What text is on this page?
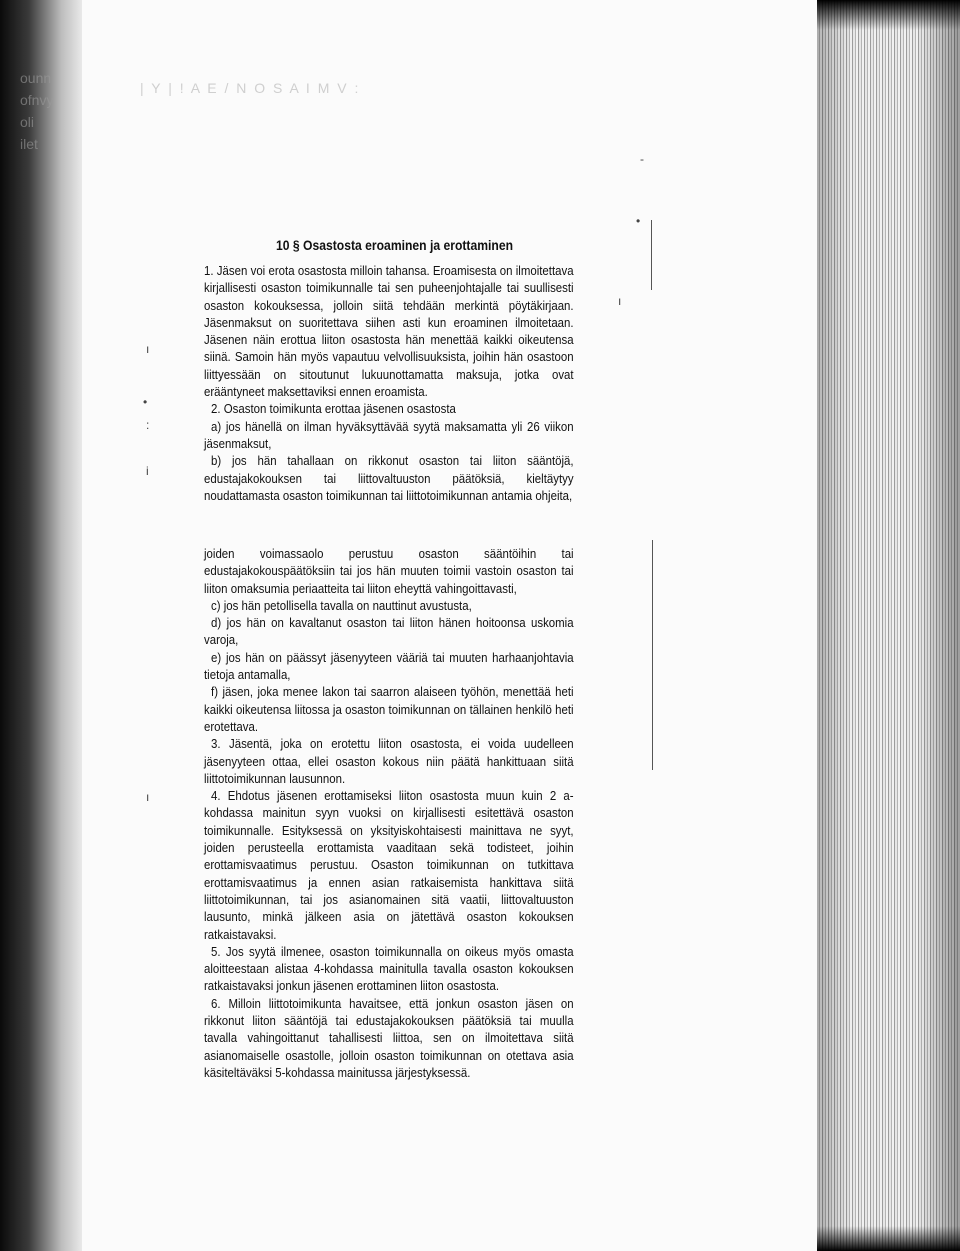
ounn
ofnvy
oli
ilet
| Y | ! A E / N O S A I M V :
10 § Osastosta eroaminen ja erottaminen

1. Jäsen voi erota osastosta milloin tahansa. Eroamisesta on ilmoitettava kirjallisesti osaston toimikunnalle tai sen puheenjohtajalle tai suullisesti osaston kokouksessa, jolloin siitä tehdään merkintä pöytäkirjaan. Jäsenmaksut on suoritettava siihen asti kun eroaminen ilmoitetaan. Jäsenen näin erottua liiton osastosta hän menettää kaikki oikeutensa siinä. Samoin hän myös vapautuu velvollisuuksista, joihin hän osastoon liittyessään on sitoutunut lukuunottamatta maksuja, jotka ovat erääntyneet maksettaviksi ennen eroamista.

2. Osaston toimikunta erottaa jäsenen osastosta

a) jos hänellä on ilman hyväksyttävää syytä maksamatta yli 26 viikon jäsenmaksut,

b) jos hän tahallaan on rikkonut osaston tai liiton sääntöjä, edustajakokouksen tai liittovaltuuston päätöksiä, kieltäytyy noudattamasta osaston toimikunnan tai liittotoimikunnan antamia ohjeita,

joiden voimassaolo perustuu osaston sääntöihin tai edustajakokouspäätöksiin tai jos hän muuten toimii vastoin osaston tai liiton omaksumia periaatteita tai liiton eheyttä vahingoittavasti,

c) jos hän petollisella tavalla on nauttinut avustusta,

d) jos hän on kavaltanut osaston tai liiton hänen hoitoonsa uskomia varoja,

e) jos hän on päässyt jäsenyyteen vääriä tai muuten harhaanjohtavia tietoja antamalla,

f) jäsen, joka menee lakon tai saarron alaiseen työhön, menettää heti kaikki oikeutensa liitossa ja osaston toimikunnan on tällainen henkilö heti erotettava.

3. Jäsentä, joka on erotettu liiton osastosta, ei voida uudelleen jäsenyyteen ottaa, ellei osaston kokous niin päätä hankittuaan siitä liittotoimikunnan lausunnon.

4. Ehdotus jäsenen erottamiseksi liiton osastosta muun kuin 2 a-kohdassa mainitun syyn vuoksi on kirjallisesti esitettävä osaston toimikunnalle. Esityksessä on yksityiskohtaisesti mainittava ne syyt, joiden perusteella erottamista vaaditaan sekä todisteet, joihin erottamisvaatimus perustuu. Osaston toimikunnan on tutkittava erottamisvaatimus ja ennen asian ratkaisemista hankittava siitä liittotoimikunnan, tai jos asianomainen sitä vaatii, liittovaltuuston lausunto, minkä jälkeen asia on jätettävä osaston kokouksen ratkaistavaksi.

5. Jos syytä ilmenee, osaston toimikunnalla on oikeus myös omasta aloitteestaan alistaa 4-kohdassa mainitulla tavalla osaston kokouksen ratkaistavaksi jonkun jäsenen erottaminen liiton osastosta.

6. Milloin liittotoimikunta havaitsee, että jonkun osaston jäsen on rikkonut liiton sääntöjä tai edustajakokouksen päätöksiä tai muulla tavalla vahingoittanut tahallisesti liittoa, sen on ilmoitettava siitä asianomaiselle osastolle, jolloin osaston toimikunnan on otettava asia käsiteltäväksi 5-kohdassa mainitussa järjestyksessä.

ı
•
:
i
ı
-
•
ı
